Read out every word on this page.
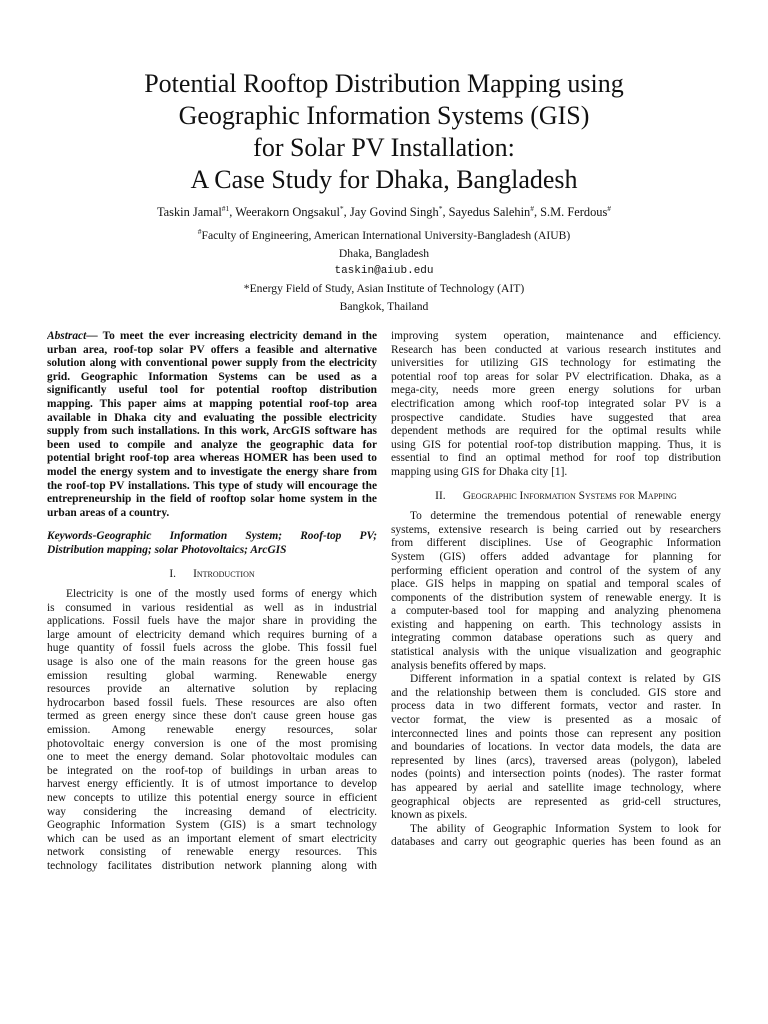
Potential Rooftop Distribution Mapping using
Geographic Information Systems (GIS)
for Solar PV Installation:
A Case Study for Dhaka, Bangladesh
Taskin Jamal$^{\#1}$, Weerakorn Ongsakul*, Jay Govind Singh*, Sayedus Salehin#, S.M. Ferdous#
#Faculty of Engineering, American International University-Bangladesh (AIUB)
Dhaka, Bangladesh
taskin@aiub.edu
*Energy Field of Study, Asian Institute of Technology (AIT)
Bangkok, Thailand
Abstract— To meet the ever increasing electricity demand in the
urban area, roof-top solar PV offers a feasible and alternative
solution along with conventional power supply from the electricity
grid. Geographic Information Systems can be used as a
significantly useful tool for potential rooftop distribution
mapping. This paper aims at mapping potential roof-top area
available in Dhaka city and evaluating the possible electricity
supply from such installations. In this work, ArcGIS software has
been used to compile and analyze the geographic data for
potential bright roof-top area whereas HOMER has been used to
model the energy system and to investigate the energy share from
the roof-top PV installations. This type of study will encourage the
entrepreneurship in the field of rooftop solar home system in the
urban areas of a country.
Keywords-Geographic Information System; Roof-top PV;
Distribution mapping; solar Photovoltaics; ArcGIS
I.      Introduction
Electricity is one of the mostly used forms of energy which
is consumed in various residential as well as in industrial
applications. Fossil fuels have the major share in providing the
large amount of electricity demand which requires burning of a
huge quantity of fossil fuels across the globe. This fossil fuel
usage is also one of the main reasons for the green house gas
emission resulting global warming. Renewable energy
resources provide an alternative solution by replacing
hydrocarbon based fossil fuels. These resources are also often
termed as green energy since these don't cause green house gas
emission. Among renewable energy resources, solar
photovoltaic energy conversion is one of the most promising
one to meet the energy demand. Solar photovoltaic modules can
be integrated on the roof-top of buildings in urban areas to
harvest energy efficiently. It is of utmost importance to develop
new concepts to utilize this potential energy source in efficient
way considering the increasing demand of electricity.
Geographic Information System (GIS) is a smart technology
which can be used as an important element of smart electricity
network consisting of renewable energy resources. This
technology facilitates distribution network planning along with
improving system operation, maintenance and efficiency.
Research has been conducted at various research institutes and
universities for utilizing GIS technology for estimating the
potential roof top areas for solar PV electrification. Dhaka, as a
mega-city, needs more green energy solutions for urban
electrification among which roof-top integrated solar PV is a
prospective candidate. Studies have suggested that area
dependent methods are required for the optimal results while
using GIS for potential roof-top distribution mapping. Thus, it is
essential to find an optimal method for roof top distribution
mapping using GIS for Dhaka city [1].
II.      Geographic Information Systems for Mapping
To determine the tremendous potential of renewable energy
systems, extensive research is being carried out by researchers
from different disciplines. Use of Geographic Information
System (GIS) offers added advantage for planning for
performing efficient operation and control of the system of any
place. GIS helps in mapping on spatial and temporal scales of
components of the distribution system of renewable energy. It is
a computer-based tool for mapping and analyzing phenomena
existing and happening on earth. This technology assists in
integrating common database operations such as query and
statistical analysis with the unique visualization and geographic
analysis benefits offered by maps.
Different information in a spatial context is related by GIS
and the relationship between them is concluded. GIS store and
process data in two different formats, vector and raster. In
vector format, the view is presented as a mosaic of
interconnected lines and points those can represent any position
and boundaries of locations. In vector data models, the data are
represented by lines (arcs), traversed areas (polygon), labeled
nodes (points) and intersection points (nodes). The raster format
has appeared by aerial and satellite image technology, where
geographical objects are represented as grid-cell structures,
known as pixels.
The ability of Geographic Information System to look for
databases and carry out geographic queries has been found as an
